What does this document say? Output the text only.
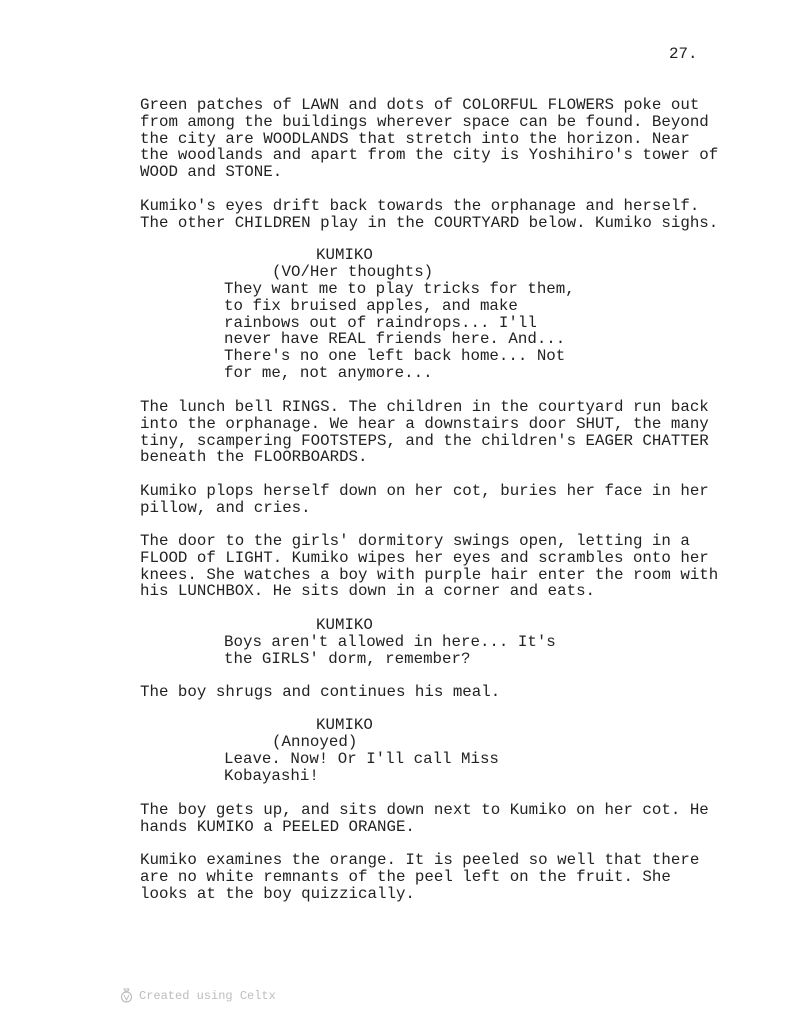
27.
Green patches of LAWN and dots of COLORFUL FLOWERS poke out
from among the buildings wherever space can be found. Beyond
the city are WOODLANDS that stretch into the horizon. Near
the woodlands and apart from the city is Yoshihiro's tower of
WOOD and STONE.
Kumiko's eyes drift back towards the orphanage and herself.
The other CHILDREN play in the COURTYARD below. Kumiko sighs.
KUMIKO
(VO/Her thoughts)
They want me to play tricks for them,
to fix bruised apples, and make
rainbows out of raindrops... I'll
never have REAL friends here. And...
There's no one left back home... Not
for me, not anymore...
The lunch bell RINGS. The children in the courtyard run back
into the orphanage. We hear a downstairs door SHUT, the many
tiny, scampering FOOTSTEPS, and the children's EAGER CHATTER
beneath the FLOORBOARDS.
Kumiko plops herself down on her cot, buries her face in her
pillow, and cries.
The door to the girls' dormitory swings open, letting in a
FLOOD of LIGHT. Kumiko wipes her eyes and scrambles onto her
knees. She watches a boy with purple hair enter the room with
his LUNCHBOX. He sits down in a corner and eats.
KUMIKO
Boys aren't allowed in here... It's
the GIRLS' dorm, remember?
The boy shrugs and continues his meal.
KUMIKO
(Annoyed)
Leave. Now! Or I'll call Miss
Kobayashi!
The boy gets up, and sits down next to Kumiko on her cot. He
hands KUMIKO a PEELED ORANGE.
Kumiko examines the orange. It is peeled so well that there
are no white remnants of the peel left on the fruit. She
looks at the boy quizzically.
Created using Celtx
